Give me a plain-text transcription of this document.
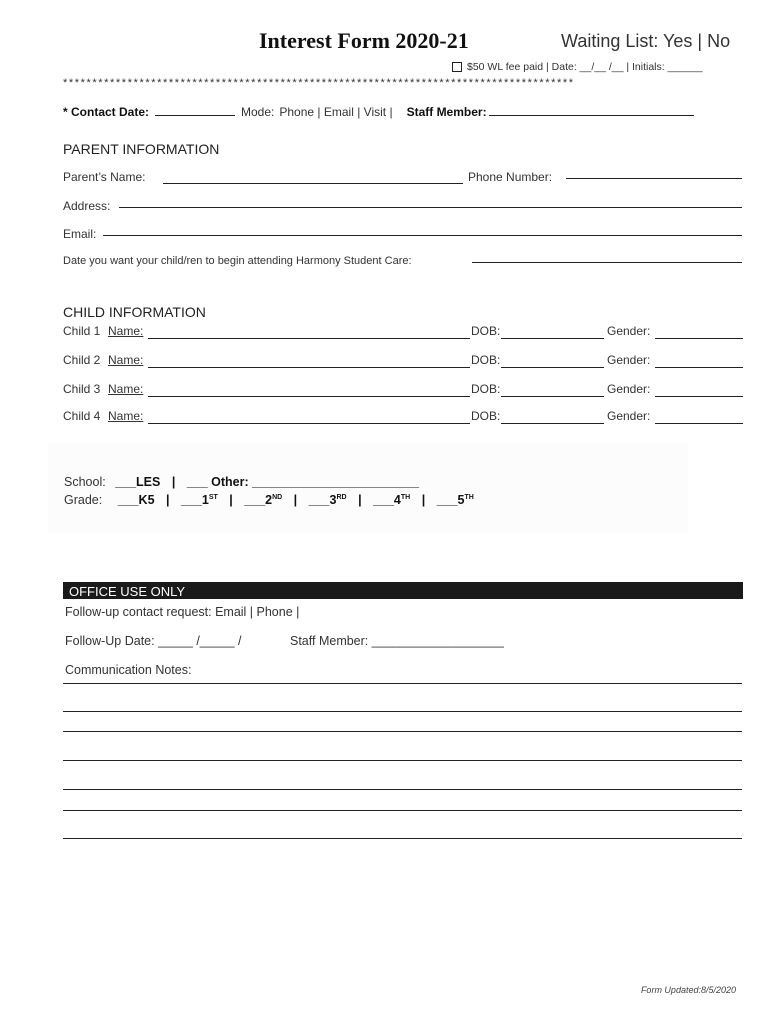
Interest Form 2020-21	Waiting List: Yes | No
$50 WL fee paid | Date: __/__ /__ | Initials: ______
***************************************************************************************
* Contact Date:	Mode: Phone | Email | Visit | Staff Member:
PARENT INFORMATION
Parent’s Name:	Phone Number:
Address:
Email:
Date you want your child/ren to begin attending Harmony Student Care:
CHILD INFORMATION
Child 1 Name:	DOB:	Gender:
Child 2 Name:	DOB:	Gender:
Child 3 Name:	DOB:	Gender:
Child 4 Name:	DOB:	Gender:
School: ___LES | ___ Other: ________________________
Grade: ___K5 | ___1ST | ___2ND | ___3RD | ___4TH | ___5TH
OFFICE USE ONLY
Follow-up contact request: Email | Phone |
Follow-Up Date: _____ /_____ /	Staff Member: ___________________
Communication Notes:
Form Updated:8/5/2020
